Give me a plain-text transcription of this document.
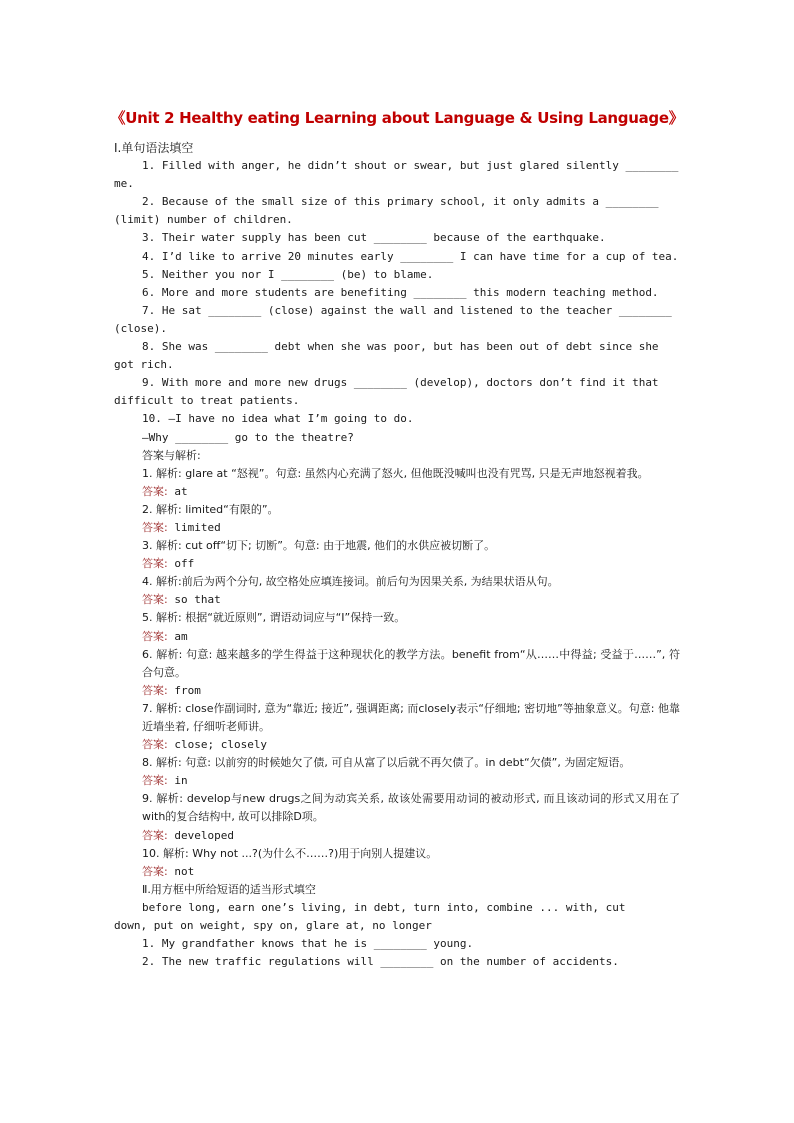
《Unit 2 Healthy eating Learning about Language & Using Language》
Ⅰ.单句语法填空
1. Filled with anger, he didn’t shout or swear, but just glared silently ________
me.
2. Because of the small size of this primary school, it only admits a ________
(limit) number of children.
3. Their water supply has been cut ________ because of the earthquake.
4. I’d like to arrive 20 minutes early ________ I can have time for a cup of tea.
5. Neither you nor I ________ (be) to blame.
6. More and more students are benefiting ________ this modern teaching method.
7. He sat ________ (close) against the wall and listened to the teacher ________
(close).
8. She was ________ debt when she was poor, but has been out of debt since she
got rich.
9. With more and more new drugs ________ (develop), doctors don’t find it that
difficult to treat patients.
10. —I have no idea what I’m going to do.
—Why ________ go to the theatre?
答案与解析:
1. 解析: glare at “怒视”。句意: 虽然内心充满了怒火, 但他既没喊叫也没有咒骂, 只是无声地怒视着我。
答案: at
2. 解析: limited“有限的”。
答案: limited
3. 解析: cut off“切下; 切断”。句意: 由于地震, 他们的水供应被切断了。
答案: off
4. 解析:前后为两个分句, 故空格处应填连接词。前后句为因果关系, 为结果状语从句。
答案: so that
5. 解析: 根据“就近原则”, 谓语动词应与“I”保持一致。
答案: am
6. 解析: 句意: 越来越多的学生得益于这种现状化的教学方法。benefit from“从……中得益; 受益于……”, 符合句意。
答案: from
7. 解析: close作副词时, 意为“靠近; 接近”, 强调距离; 而closely表示“仔细地; 密切地”等抽象意义。句意: 他靠近墙坐着, 仔细听老师讲。
答案: close; closely
8. 解析: 句意: 以前穷的时候她欠了债, 可自从富了以后就不再欠债了。in debt“欠债”, 为固定短语。
答案: in
9. 解析: develop与new drugs之间为动宾关系, 故该处需要用动词的被动形式, 而且该动词的形式又用在了 with的复合结构中, 故可以排除D项。
答案: developed
10. 解析: Why not ...?(为什么不……?)用于向别人提建议。
答案: not
Ⅱ.用方框中所给短语的适当形式填空
before long, earn one’s living, in debt, turn into, combine ... with, cut
down, put on weight, spy on, glare at, no longer
1. My grandfather knows that he is ________ young.
2. The new traffic regulations will ________ on the number of accidents.
